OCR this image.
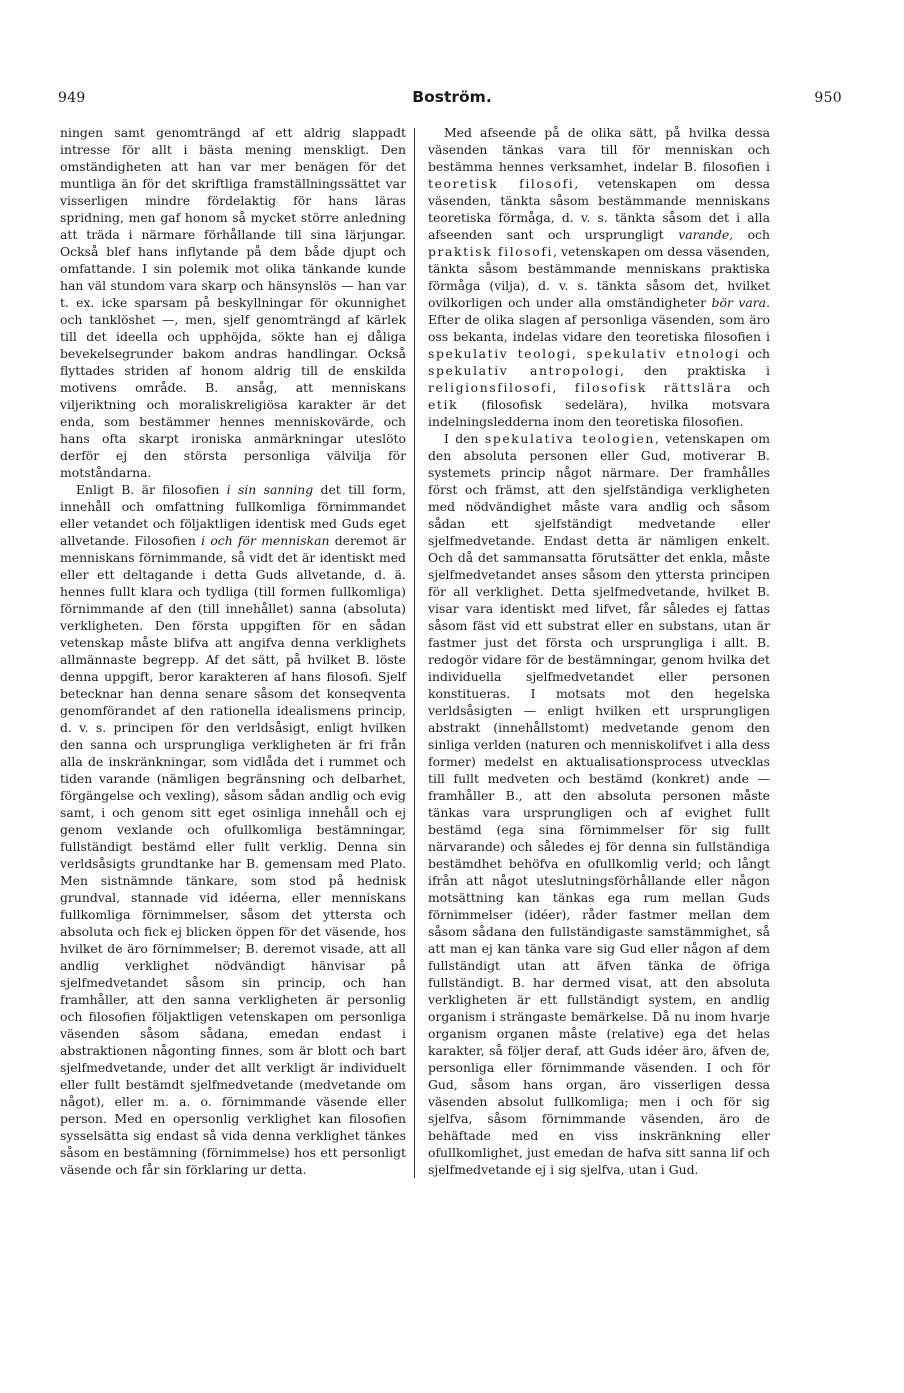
949	Boström.	950

ningen samt genomträngd af ett aldrig slappadt intresse för allt i bästa mening menskligt. Den omständigheten att han var mer benägen för det muntliga än för det skriftliga framställningssättet var visserligen mindre fördelaktig för hans läras spridning, men gaf honom så mycket större anledning att träda i närmare förhållande till sina lärjungar. Också blef hans inflytande på dem både djupt och omfattande. I sin polemik mot olika tänkande kunde han väl stundom vara skarp och hänsynslös — han var t. ex. icke sparsam på beskyllningar för okunnighet och tanklöshet —, men, sjelf genomträngd af kärlek till det ideella och upphöjda, sökte han ej dåliga bevekelsegrunder bakom andras handlingar. Också flyttades striden af honom aldrig till de enskilda motivens område. B. ansåg, att menniskans viljeriktning och moraliskreligiösa karakter är det enda, som bestämmer hennes menniskovärde, och hans ofta skarpt ironiska anmärkningar uteslöto derför ej den största personliga välvilja för motståndarna.

Enligt B. är filosofien i sin sanning det till form, innehåll och omfattning fullkomliga förnimmandet eller vetandet och följaktligen identisk med Guds eget allvetande. Filosofien i och för menniskan deremot är menniskans förnimmande, så vidt det är identiskt med eller ett deltagande i detta Guds allvetande, d. ä. hennes fullt klara och tydliga (till formen fullkomliga) förnimmande af den (till innehållet) sanna (absoluta) verkligheten. Den första uppgiften för en sådan vetenskap måste blifva att angifva denna verklighets allmännaste begrepp. Af det sätt, på hvilket B. löste denna uppgift, beror karakteren af hans filosofi. Sjelf betecknar han denna senare såsom det konseqventa genomförandet af den rationella idealismens princip, d. v. s. principen för den verldsåsigt, enligt hvilken den sanna och ursprungliga verkligheten är fri från alla de inskränkningar, som vidlåda det i rummet och tiden varande (nämligen begränsning och delbarhet, förgängelse och vexling), såsom sådan andlig och evig samt, i och genom sitt eget osinliga innehåll och ej genom vexlande och ofullkomliga bestämningar, fullständigt bestämd eller fullt verklig. Denna sin verldsåsigts grundtanke har B. gemensam med Plato. Men sistnämnde tänkare, som stod på hednisk grundval, stannade vid idéerna, eller menniskans fullkomliga förnimmelser, såsom det yttersta och absoluta och fick ej blicken öppen för det väsende, hos hvilket de äro förnimmelser; B. deremot visade, att all andlig verklighet nödvändigt hänvisar på sjelfmedvetandet såsom sin princip, och han framhåller, att den sanna verkligheten är personlig och filosofien följaktligen vetenskapen om personliga väsenden såsom sådana, emedan endast i abstraktionen någonting finnes, som är blott och bart sjelfmedvetande, under det allt verkligt är individuelt eller fullt bestämdt sjelfmedvetande (medvetande om något), eller m. a. o. förnimmande väsende eller person. Med en opersonlig verklighet kan filosofien sysselsätta sig endast så vida denna verklighet tänkes såsom en bestämning (förnimmelse) hos ett personligt väsende och får sin förklaring ur detta.

Med afseende på de olika sätt, på hvilka dessa väsenden tänkas vara till för menniskan och bestämma hennes verksamhet, indelar B. filosofien i teoretisk filosofi, vetenskapen om dessa väsenden, tänkta såsom bestämmande menniskans teoretiska förmåga, d. v. s. tänkta såsom det i alla afseenden sant och ursprungligt varande, och praktisk filosofi, vetenskapen om dessa väsenden, tänkta såsom bestämmande menniskans praktiska förmåga (vilja), d. v. s. tänkta såsom det, hvilket ovilkorligen och under alla omständigheter bör vara. Efter de olika slagen af personliga väsenden, som äro oss bekanta, indelas vidare den teoretiska filosofien i spekulativ teologi, spekulativ etnologi och spekulativ antropologi, den praktiska i religionsfilosofi, filosofisk rättslära och etik (filosofisk sedelära), hvilka motsvara indelningsledderna inom den teoretiska filosofien.

I den spekulativa teologien, vetenskapen om den absoluta personen eller Gud, motiverar B. systemets princip något närmare. Der framhålles först och främst, att den sjelfständiga verkligheten med nödvändighet måste vara andlig och såsom sådan ett sjelfständigt medvetande eller sjelfmedvetande. Endast detta är nämligen enkelt. Och då det sammansatta förutsätter det enkla, måste sjelfmedvetandet anses såsom den yttersta principen för all verklighet. Detta sjelfmedvetande, hvilket B. visar vara identiskt med lifvet, får således ej fattas såsom fäst vid ett substrat eller en substans, utan är fastmer just det första och ursprungliga i allt. B. redogör vidare för de bestämningar, genom hvilka det individuella sjelfmedvetandet eller personen konstitueras. I motsats mot den hegelska verldsåsigten — enligt hvilken ett ursprungligen abstrakt (innehållstomt) medvetande genom den sinliga verlden (naturen och menniskolifvet i alla dess former) medelst en aktualisationsprocess utvecklas till fullt medveten och bestämd (konkret) ande — framhåller B., att den absoluta personen måste tänkas vara ursprungligen och af evighet fullt bestämd (ega sina förnimmelser för sig fullt närvarande) och således ej för denna sin fullständiga bestämdhet behöfva en ofullkomlig verld; och långt ifrån att något uteslutningsförhållande eller någon motsättning kan tänkas ega rum mellan Guds förnimmelser (idéer), råder fastmer mellan dem såsom sådana den fullständigaste samstämmighet, så att man ej kan tänka vare sig Gud eller någon af dem fullständigt utan att äfven tänka de öfriga fullständigt. B. har dermed visat, att den absoluta verkligheten är ett fullständigt system, en andlig organism i strängaste bemärkelse. Då nu inom hvarje organism organen måste (relative) ega det helas karakter, så följer deraf, att Guds idéer äro, äfven de, personliga eller förnimmande väsenden. I och för Gud, såsom hans organ, äro visserligen dessa väsenden absolut fullkomliga; men i och för sig sjelfva, såsom förnimmande väsenden, äro de behäftade med en viss inskränkning eller ofullkomlighet, just emedan de hafva sitt sanna lif och sjelfmedvetande ej i sig sjelfva, utan i Gud.
